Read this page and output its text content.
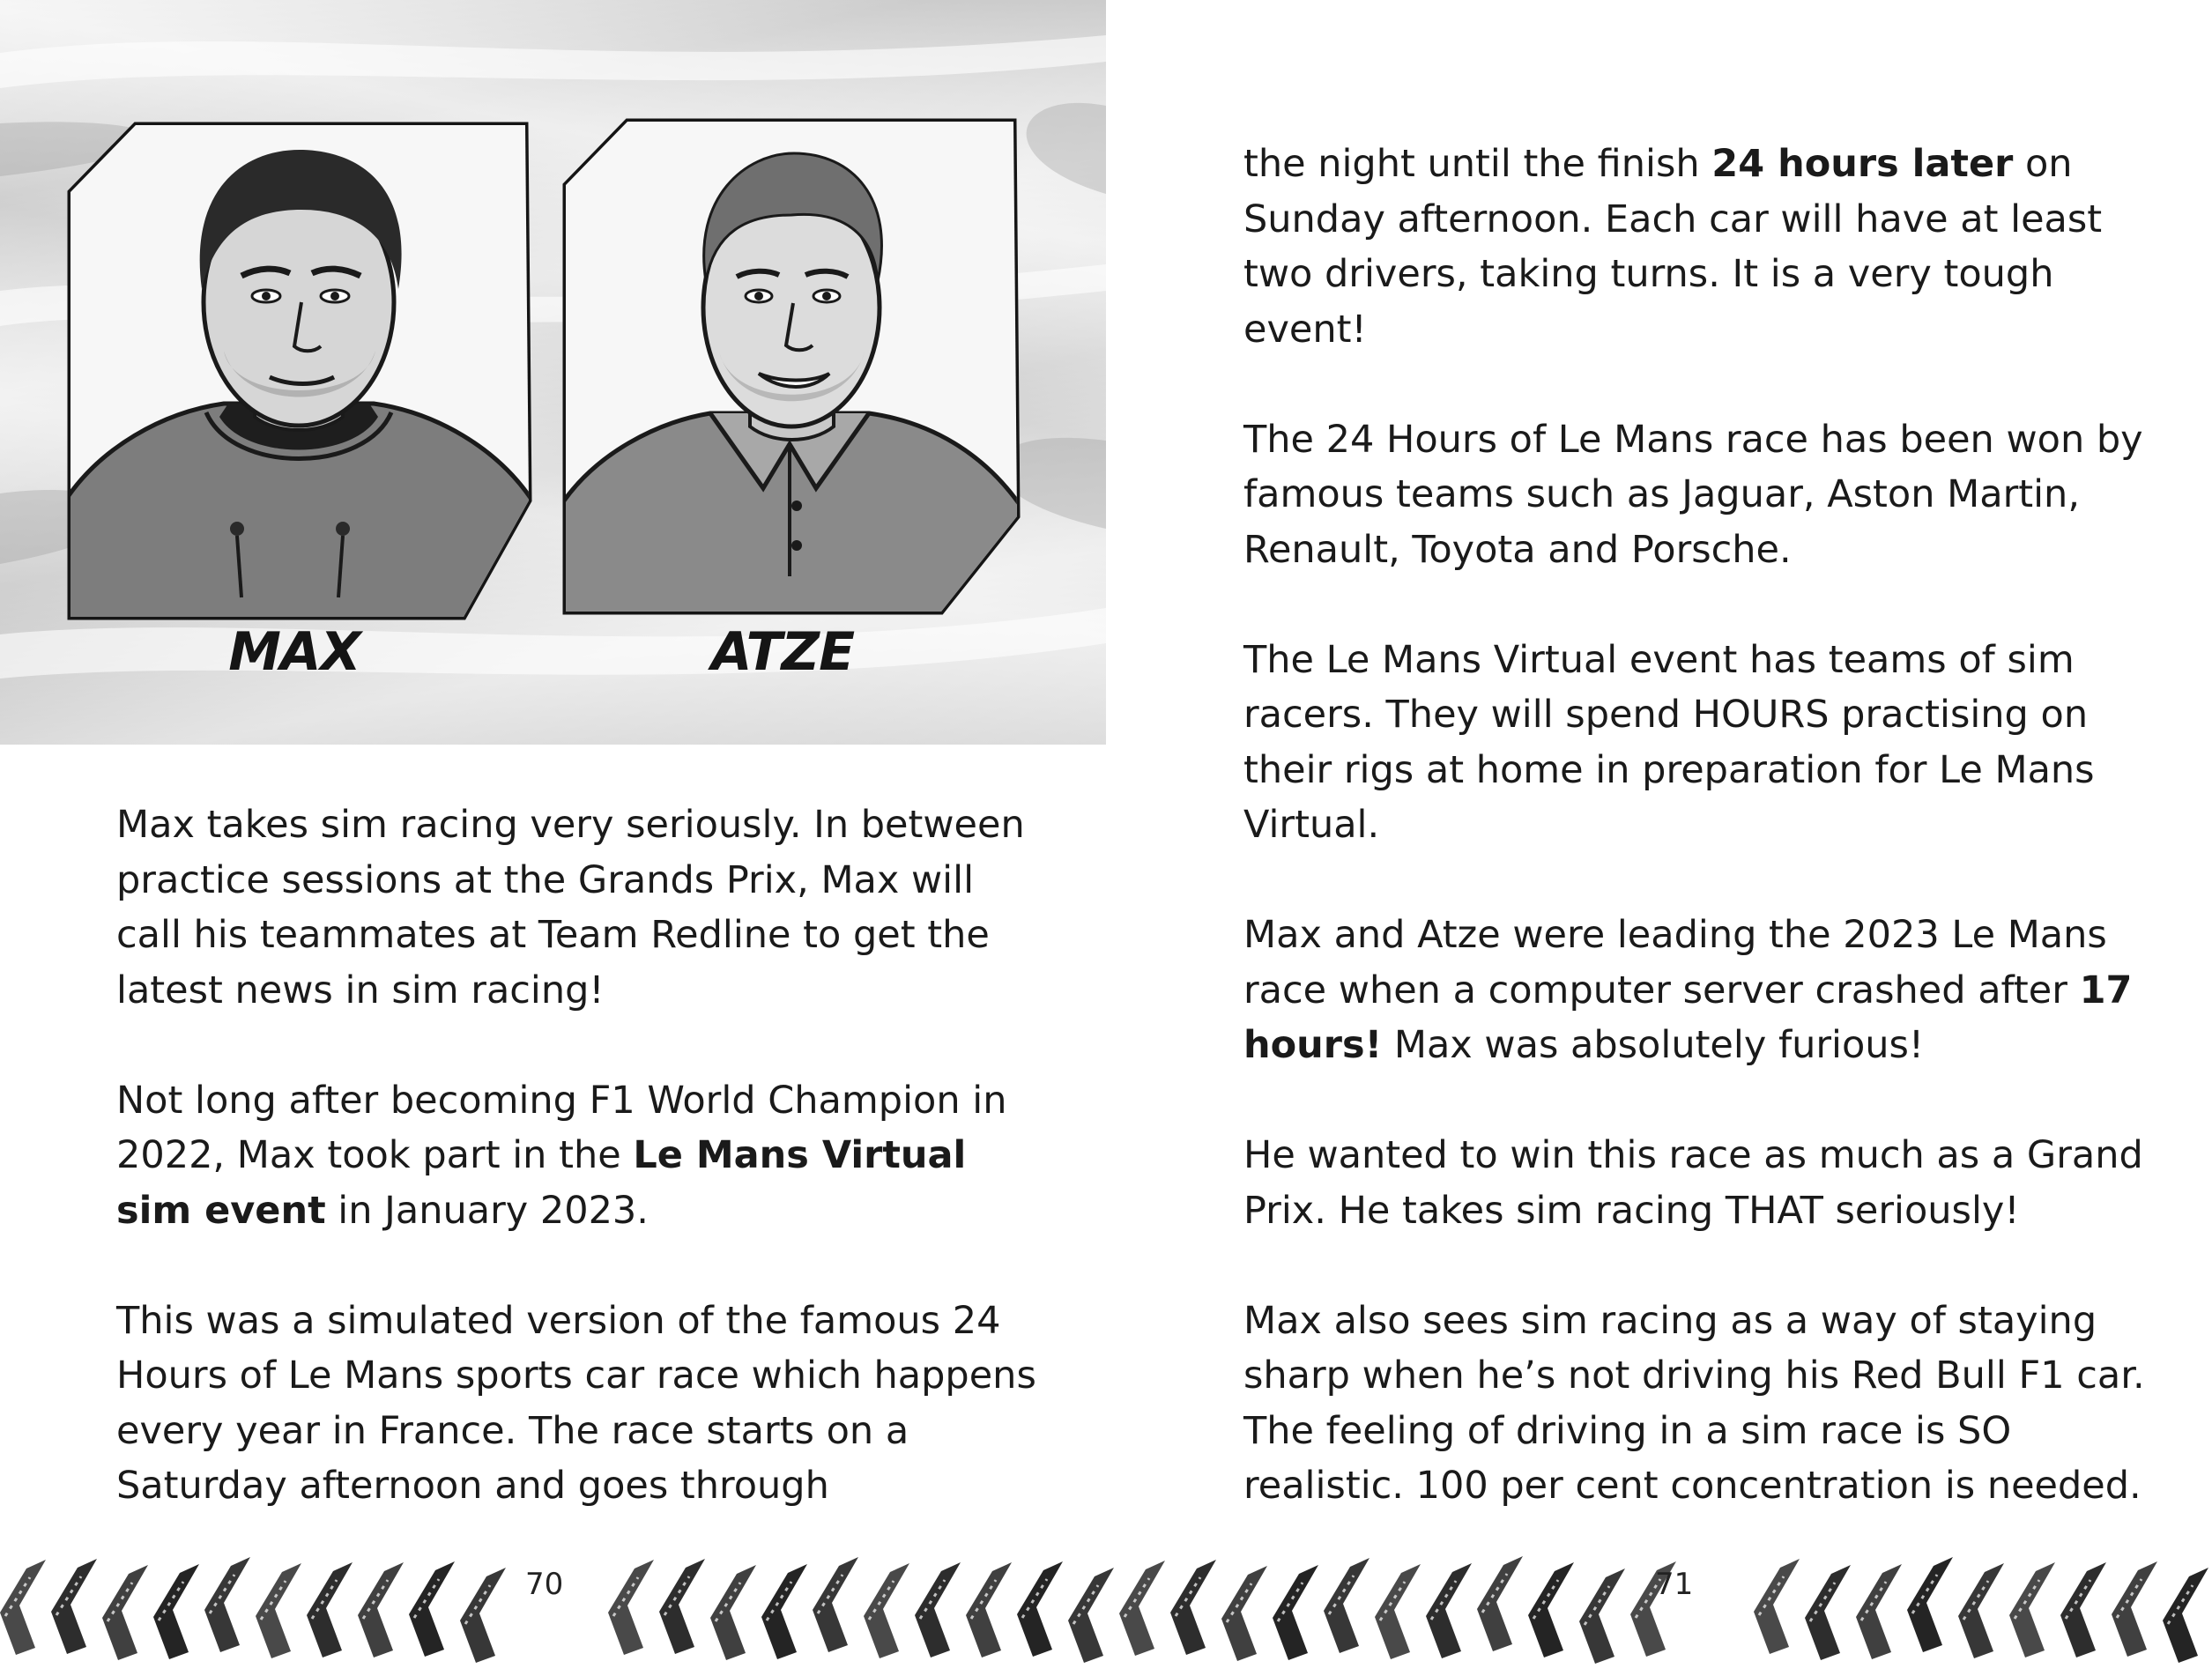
MAX	ATZE

Max takes sim racing very seriously. In between practice sessions at the Grands Prix, Max will call his teammates at Team Redline to get the latest news in sim racing!

Not long after becoming F1 World Champion in 2022, Max took part in the Le Mans Virtual sim event in January 2023.

This was a simulated version of the famous 24 Hours of Le Mans sports car race which happens every year in France. The race starts on a Saturday afternoon and goes through

the night until the finish 24 hours later on Sunday afternoon. Each car will have at least two drivers, taking turns. It is a very tough event!

The 24 Hours of Le Mans race has been won by famous teams such as Jaguar, Aston Martin, Renault, Toyota and Porsche.

The Le Mans Virtual event has teams of sim racers. They will spend HOURS practising on their rigs at home in preparation for Le Mans Virtual.

Max and Atze were leading the 2023 Le Mans race when a computer server crashed after 17 hours! Max was absolutely furious!

He wanted to win this race as much as a Grand Prix. He takes sim racing THAT seriously!

Max also sees sim racing as a way of staying sharp when he’s not driving his Red Bull F1 car. The feeling of driving in a sim race is SO realistic. 100 per cent concentration is needed.

70	71
